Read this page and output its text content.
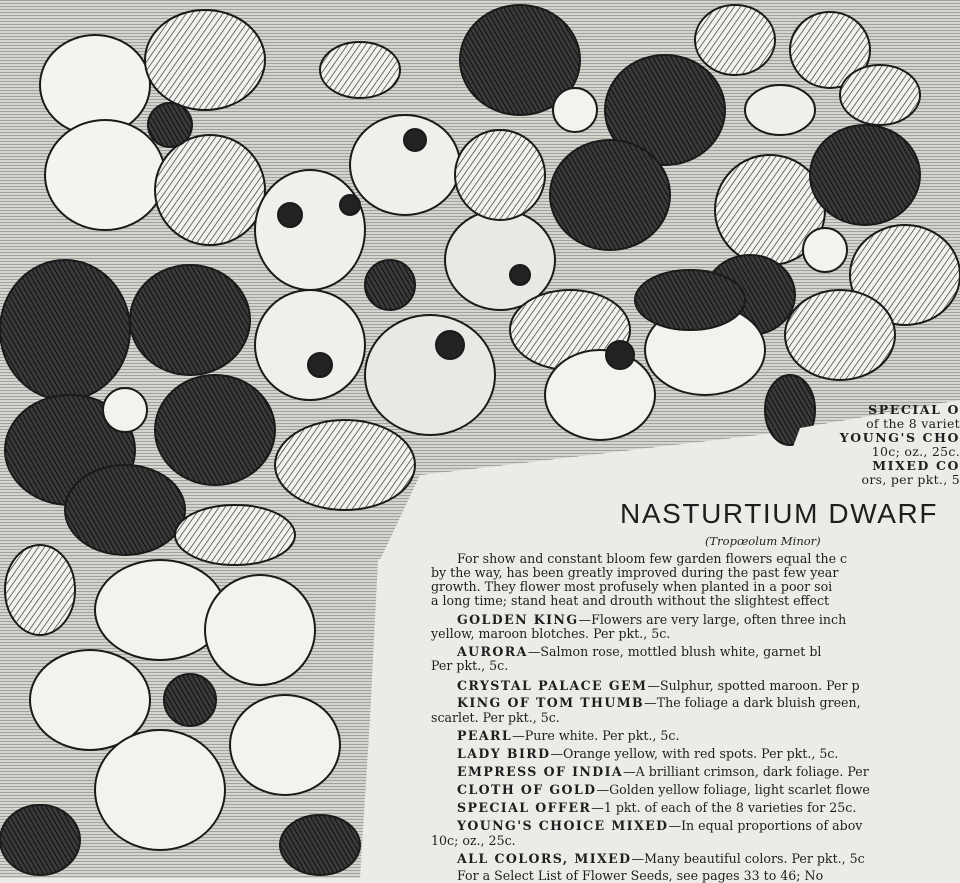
SPECIAL O
of the 8 variet
YOUNG'S CHO
10c; oz., 25c.
MIXED CO
ors, per pkt., 5
NASTURTIUM DWARF
(Tropœolum Minor)
For show and constant bloom few garden flowers equal the c
by the way, has been greatly improved during the past few year
growth. They flower most profusely when planted in a poor soi
a long time; stand heat and drouth without the slightest effect
GOLDEN KING—Flowers are very large, often three inch
yellow, maroon blotches. Per pkt., 5c.
AURORA—Salmon rose, mottled blush white, garnet bl
Per pkt., 5c.
CRYSTAL PALACE GEM—Sulphur, spotted maroon. Per p
KING OF TOM THUMB—The foliage a dark bluish green,
scarlet. Per pkt., 5c.
PEARL—Pure white. Per pkt., 5c.
LADY BIRD—Orange yellow, with red spots. Per pkt., 5c.
EMPRESS OF INDIA—A brilliant crimson, dark foliage. Per
CLOTH OF GOLD—Golden yellow foliage, light scarlet flowe
SPECIAL OFFER—1 pkt. of each of the 8 varieties for 25c.
YOUNG'S CHOICE MIXED—In equal proportions of abov
10c; oz., 25c.
ALL COLORS, MIXED—Many beautiful colors. Per pkt., 5c
For a Select List of Flower Seeds, see pages 33 to 46; No
